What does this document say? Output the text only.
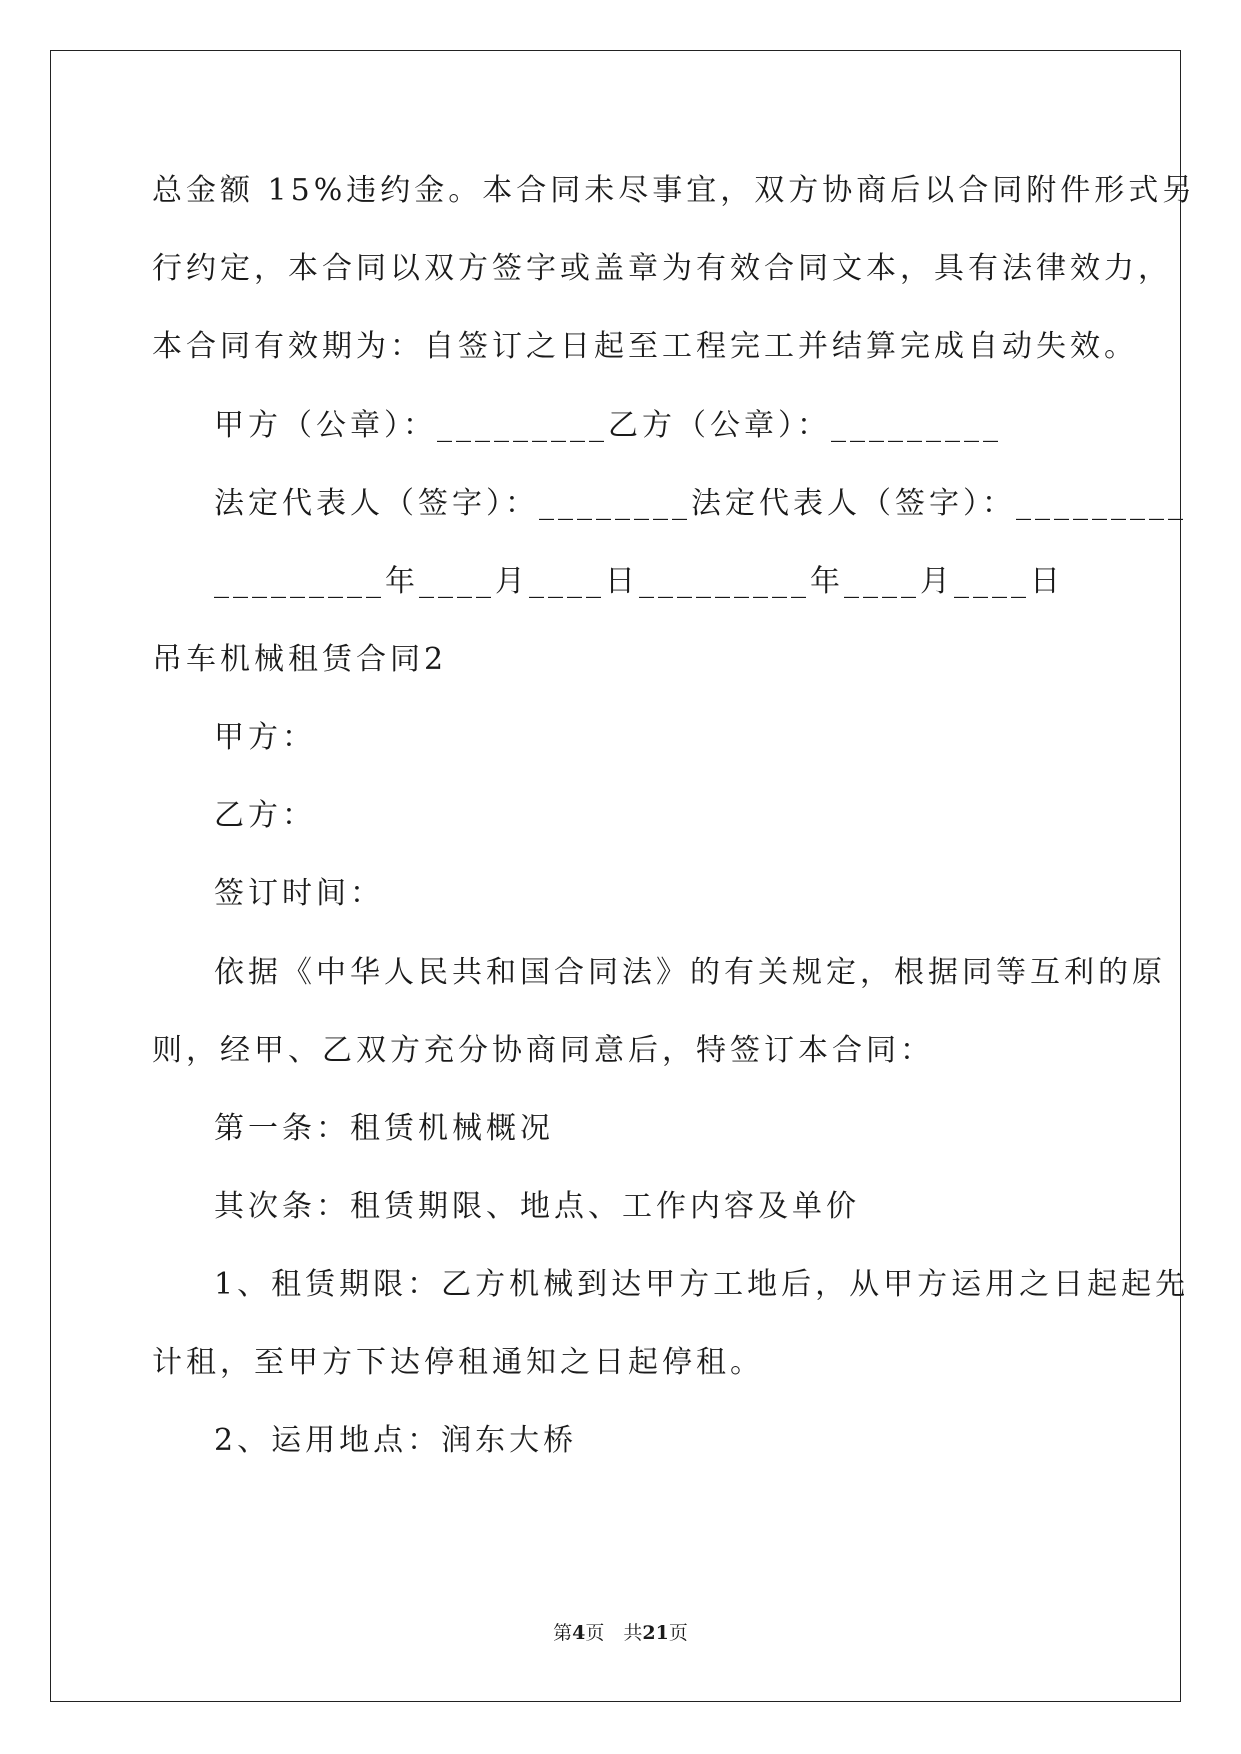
总金额 15%违约金。本合同未尽事宜，双方协商后以合同附件形式另
行约定，本合同以双方签字或盖章为有效合同文本，具有法律效力，
本合同有效期为：自签订之日起至工程完工并结算完成自动失效。
甲方（公章）：_________乙方（公章）：_________
法定代表人（签字）：________法定代表人（签字）：_________
_________年____月____日_________年____月____日
吊车机械租赁合同2
甲方：
乙方：
签订时间：
依据《中华人民共和国合同法》的有关规定，根据同等互利的原
则，经甲、乙双方充分协商同意后，特签订本合同：
第一条：租赁机械概况
其次条：租赁期限、地点、工作内容及单价
1、租赁期限：乙方机械到达甲方工地后，从甲方运用之日起起先
计租，至甲方下达停租通知之日起停租。
2、运用地点：润东大桥
第4页　共21页
